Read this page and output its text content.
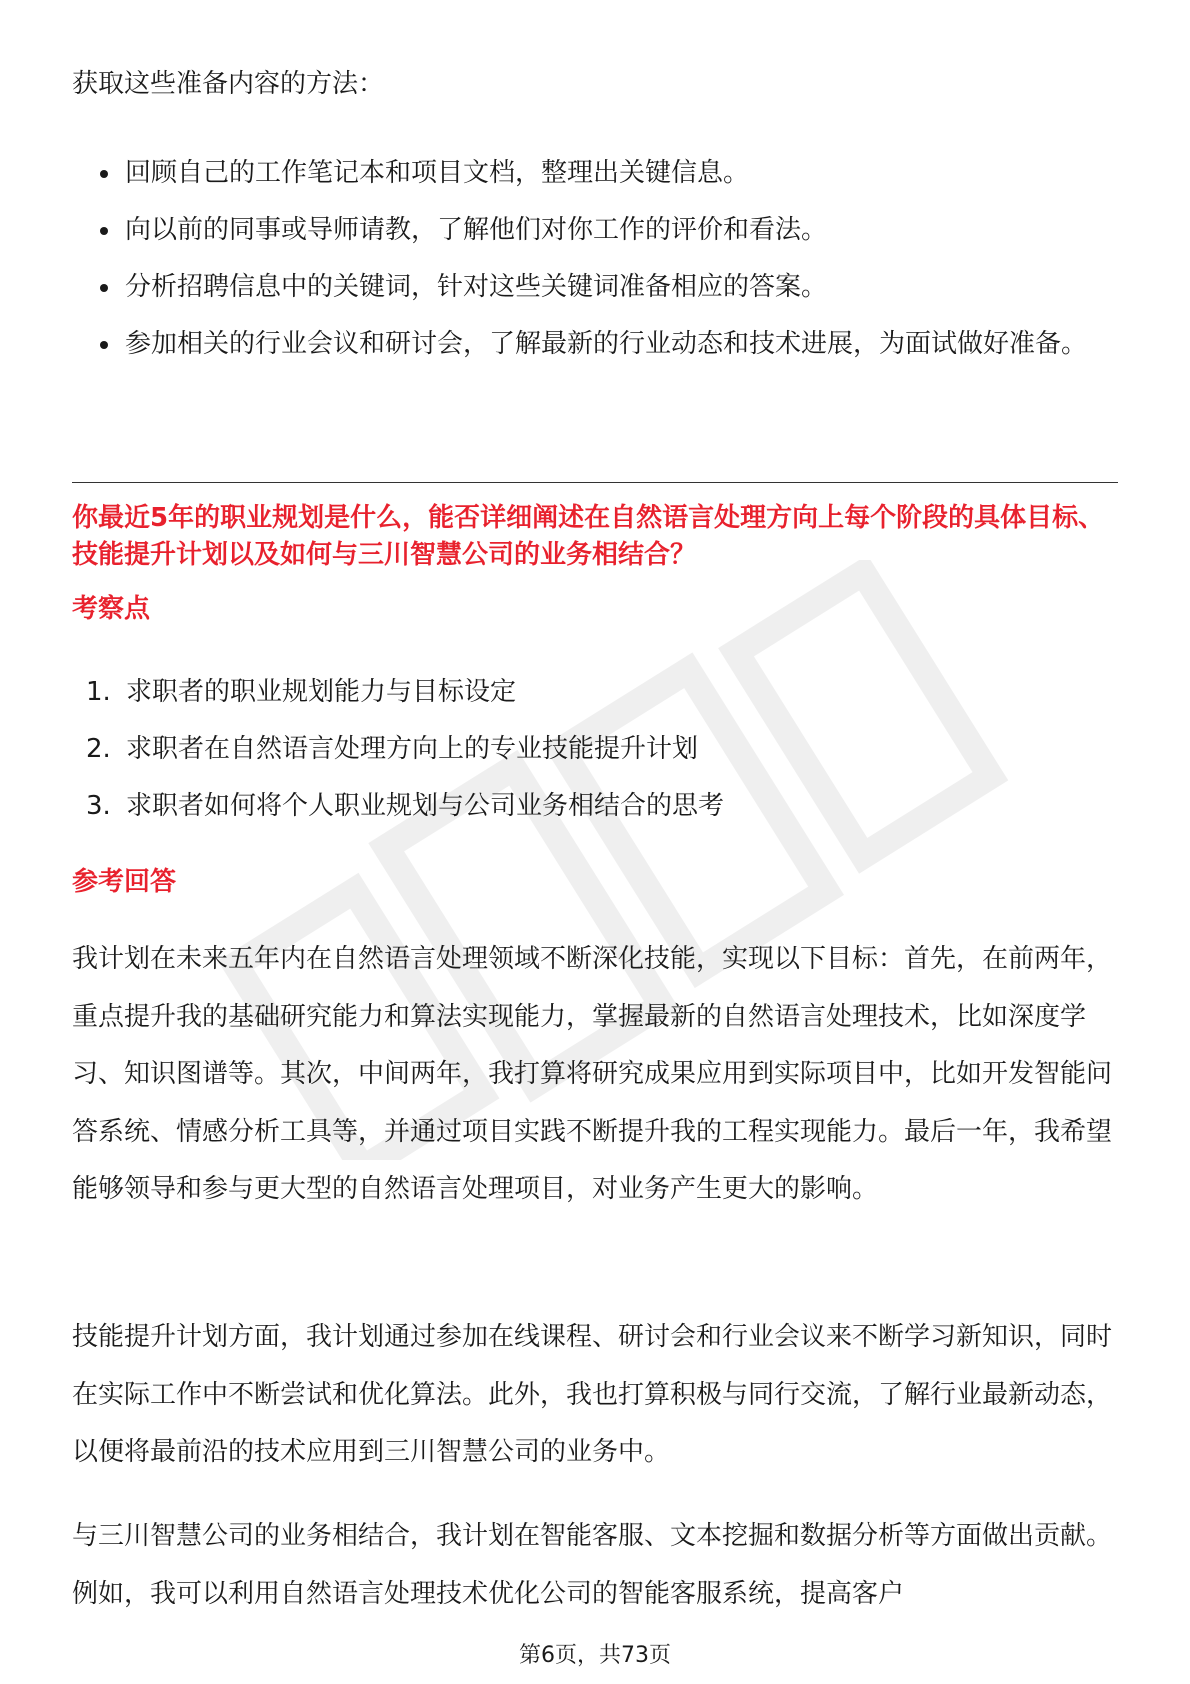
获取这些准备内容的方法：

回顾自己的工作笔记本和项目文档，整理出关键信息。
向以前的同事或导师请教，了解他们对你工作的评价和看法。
分析招聘信息中的关键词，针对这些关键词准备相应的答案。
参加相关的行业会议和研讨会，了解最新的行业动态和技术进展，为面试做好准备。
你最近5年的职业规划是什么，能否详细阐述在自然语言处理方向上每个阶段的具体目标、技能提升计划以及如何与三川智慧公司的业务相结合？
考察点
1. 求职者的职业规划能力与目标设定
2. 求职者在自然语言处理方向上的专业技能提升计划
3. 求职者如何将个人职业规划与公司业务相结合的思考
参考回答

我计划在未来五年内在自然语言处理领域不断深化技能，实现以下目标：首先，在前两年，重点提升我的基础研究能力和算法实现能力，掌握最新的自然语言处理技术，比如深度学习、知识图谱等。其次，中间两年，我打算将研究成果应用到实际项目中，比如开发智能问答系统、情感分析工具等，并通过项目实践不断提升我的工程实现能力。最后一年，我希望能够领导和参与更大型的自然语言处理项目，对业务产生更大的影响。

技能提升计划方面，我计划通过参加在线课程、研讨会和行业会议来不断学习新知识，同时在实际工作中不断尝试和优化算法。此外，我也打算积极与同行交流，了解行业最新动态，以便将最前沿的技术应用到三川智慧公司的业务中。

与三川智慧公司的业务相结合，我计划在智能客服、文本挖掘和数据分析等方面做出贡献。例如，我可以利用自然语言处理技术优化公司的智能客服系统，提高客户

第6页，共73页
